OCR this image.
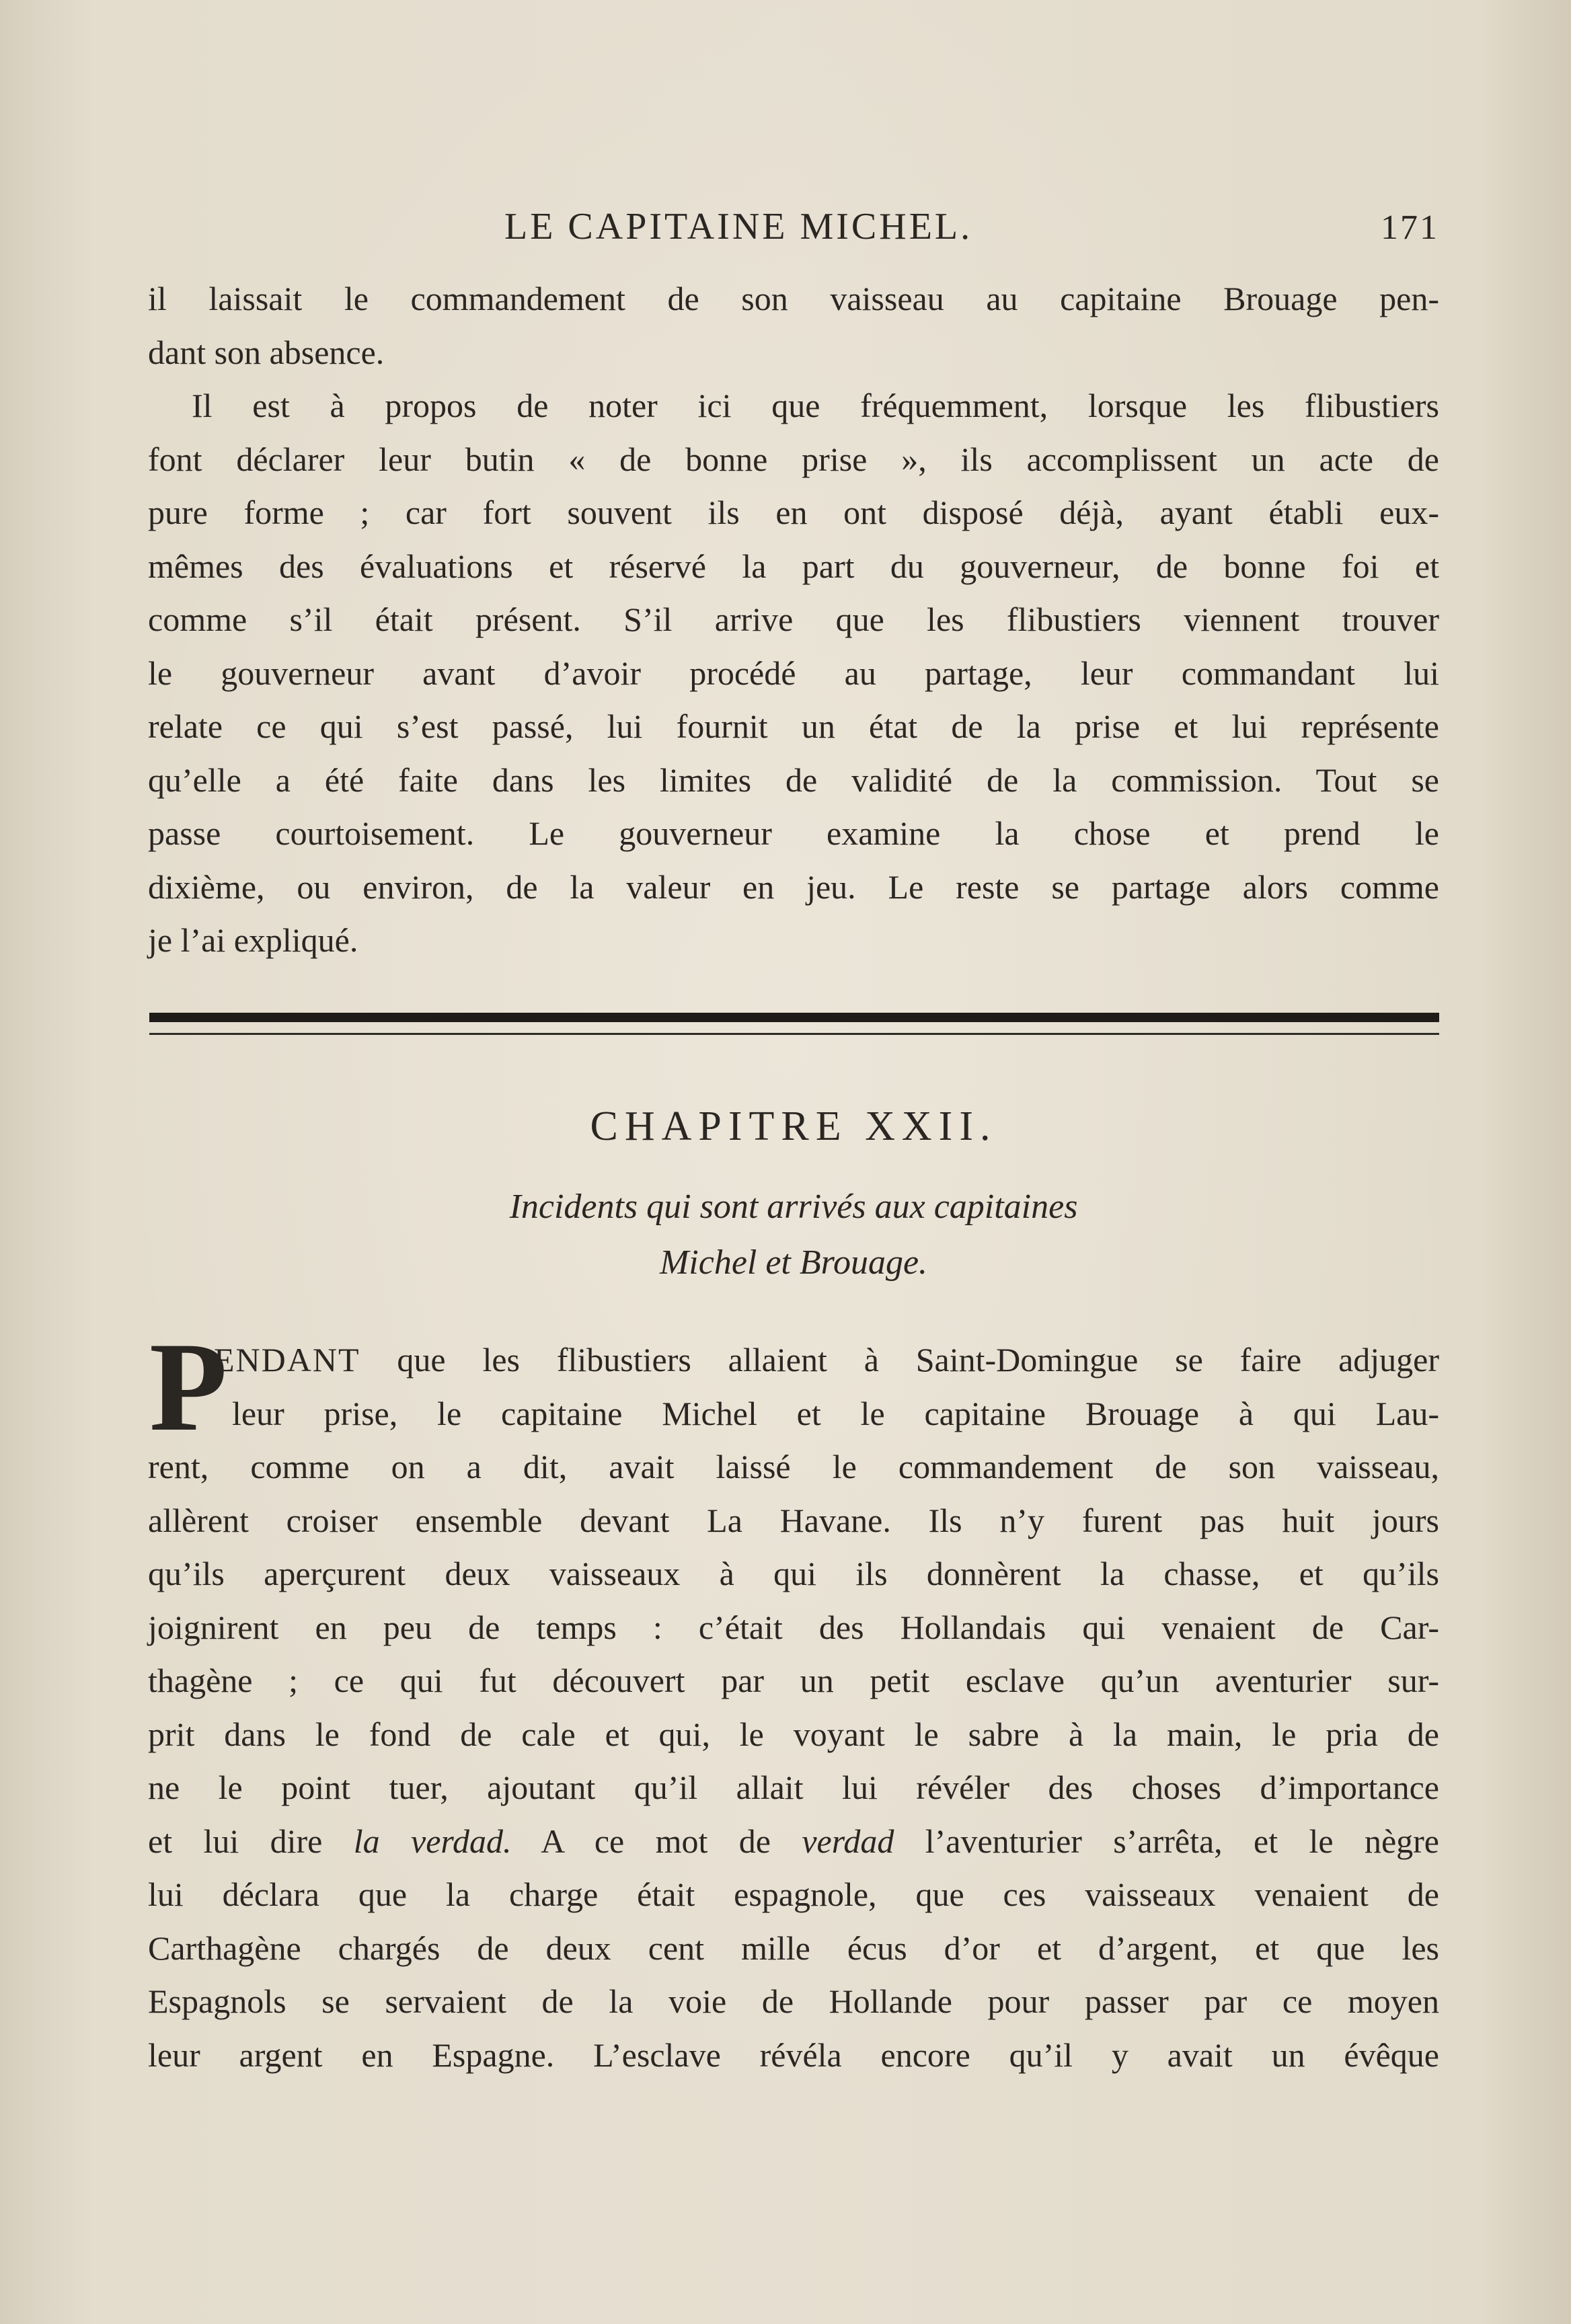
LE CAPITAINE MICHEL.	171
il laissait le commandement de son vaisseau au capitaine Brouage pen-
dant son absence.
Il est à propos de noter ici que fréquemment, lorsque les flibustiers
font déclarer leur butin « de bonne prise », ils accomplissent un acte de
pure forme ; car fort souvent ils en ont disposé déjà, ayant établi eux-
mêmes des évaluations et réservé la part du gouverneur, de bonne foi et
comme s’il était présent. S’il arrive que les flibustiers viennent trouver
le gouverneur avant d’avoir procédé au partage, leur commandant lui
relate ce qui s’est passé, lui fournit un état de la prise et lui représente
qu’elle a été faite dans les limites de validité de la commission. Tout se
passe courtoisement. Le gouverneur examine la chose et prend le
dixième, ou environ, de la valeur en jeu. Le reste se partage alors comme
je l’ai expliqué.
CHAPITRE XXII.
Incidents qui sont arrivés aux capitaines
Michel et Brouage.
P
ENDANT que les flibustiers allaient à Saint-Domingue se faire adjuger
leur prise, le capitaine Michel et le capitaine Brouage à qui Lau-
rent, comme on a dit, avait laissé le commandement de son vaisseau,
allèrent croiser ensemble devant La Havane. Ils n’y furent pas huit jours
qu’ils aperçurent deux vaisseaux à qui ils donnèrent la chasse, et qu’ils
joignirent en peu de temps : c’était des Hollandais qui venaient de Car-
thagène ; ce qui fut découvert par un petit esclave qu’un aventurier sur-
prit dans le fond de cale et qui, le voyant le sabre à la main, le pria de
ne le point tuer, ajoutant qu’il allait lui révéler des choses d’importance
et lui dire la verdad. A ce mot de verdad l’aventurier s’arrêta, et le nègre
lui déclara que la charge était espagnole, que ces vaisseaux venaient de
Carthagène chargés de deux cent mille écus d’or et d’argent, et que les
Espagnols se servaient de la voie de Hollande pour passer par ce moyen
leur argent en Espagne. L’esclave révéla encore qu’il y avait un évêque
